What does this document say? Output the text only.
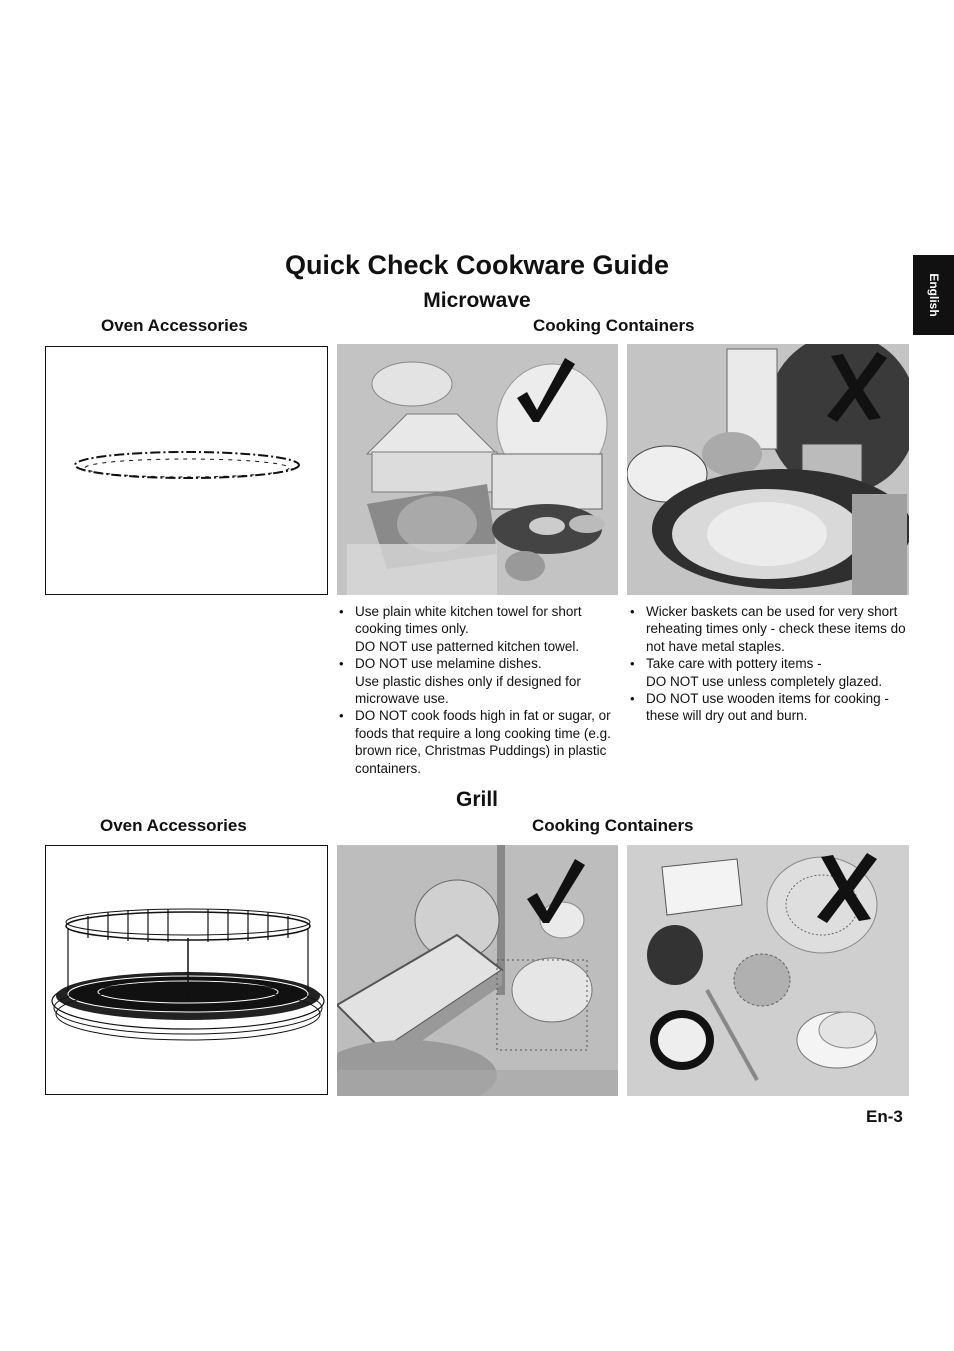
Quick Check Cookware Guide
English
Microwave
Oven Accessories	Cooking Containers
• Use plain white kitchen towel for short cooking times only.
DO NOT use patterned kitchen towel.
• DO NOT use melamine dishes.
Use plastic dishes only if designed for microwave use.
• DO NOT cook foods high in fat or sugar, or foods that require a long cooking time (e.g. brown rice, Christmas Puddings) in plastic containers.
• Wicker baskets can be used for very short reheating times only - check these items do not have metal staples.
• Take care with pottery items -
DO NOT use unless completely glazed.
• DO NOT use wooden items for cooking - these will dry out and burn.
Grill
Oven Accessories	Cooking Containers
En-3
